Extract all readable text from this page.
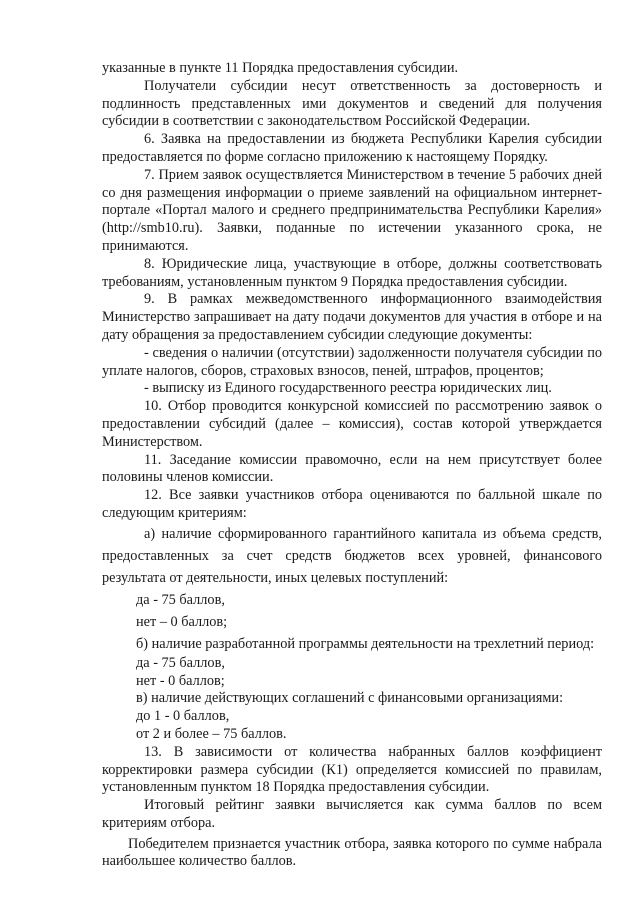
указанные в пункте 11 Порядка предоставления субсидии.

Получатели субсидии несут ответственность за достоверность и подлинность представленных ими документов и сведений для получения субсидии в соответствии с законодательством Российской Федерации.

6. Заявка на предоставлении из бюджета Республики Карелия субсидии предоставляется по форме согласно приложению к настоящему Порядку.

7. Прием заявок осуществляется Министерством в течение 5 рабочих дней со дня размещения информации о приеме заявлений на официальном интернет-портале «Портал малого и среднего предпринимательства Республики Карелия» (http://smb10.ru). Заявки, поданные по истечении указанного срока, не принимаются.

8. Юридические лица, участвующие в отборе, должны соответствовать требованиям, установленным пунктом 9 Порядка предоставления субсидии.

9. В рамках межведомственного информационного взаимодействия Министерство запрашивает на дату подачи документов для участия в отборе и на дату обращения за предоставлением субсидии следующие документы:

- сведения о наличии (отсутствии) задолженности получателя субсидии по уплате налогов, сборов, страховых взносов, пеней, штрафов, процентов;

- выписку из Единого государственного реестра юридических лиц.

10. Отбор проводится конкурсной комиссией по рассмотрению заявок о предоставлении субсидий (далее – комиссия), состав которой утверждается Министерством.

11. Заседание комиссии правомочно, если на нем присутствует более половины членов комиссии.

12. Все заявки участников отбора оцениваются по балльной шкале по следующим критериям:

а) наличие сформированного гарантийного капитала из объема средств, предоставленных за счет средств бюджетов всех уровней, финансового результата от деятельности, иных целевых поступлений:

да - 75 баллов,

нет – 0 баллов;

б) наличие разработанной программы деятельности на трехлетний период:

да - 75 баллов,

нет - 0 баллов;

в) наличие действующих соглашений с финансовыми организациями:

до 1 - 0 баллов,

от 2 и более – 75 баллов.

13. В зависимости от количества набранных баллов коэффициент корректировки размера субсидии (К1) определяется комиссией по правилам, установленным пунктом 18 Порядка предоставления субсидии.

Итоговый рейтинг заявки вычисляется как сумма баллов по всем критериям отбора.

Победителем признается участник отбора, заявка которого по сумме набрала наибольшее количество баллов.
